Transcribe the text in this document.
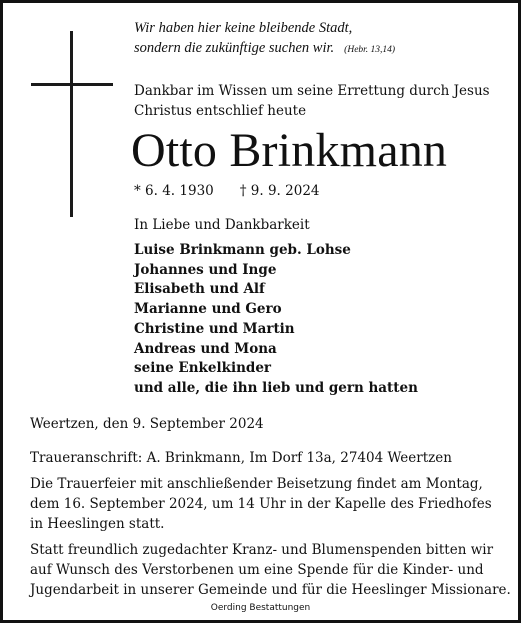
Wir haben hier keine bleibende Stadt,
sondern die zukünftige suchen wir. (Hebr. 13,14)
Dankbar im Wissen um seine Errettung durch Jesus
Christus entschlief heute
Otto Brinkmann
* 6. 4. 1930 † 9. 9. 2024
In Liebe und Dankbarkeit
Luise Brinkmann geb. Lohse
Johannes und Inge
Elisabeth und Alf
Marianne und Gero
Christine und Martin
Andreas und Mona
seine Enkelkinder
und alle, die ihn lieb und gern hatten
Weertzen, den 9. September 2024
Traueranschrift: A. Brinkmann, Im Dorf 13a, 27404 Weertzen
Die Trauerfeier mit anschließender Beisetzung findet am Montag,
dem 16. September 2024, um 14 Uhr in der Kapelle des Friedhofes
in Heeslingen statt.
Statt freundlich zugedachter Kranz- und Blumenspenden bitten wir
auf Wunsch des Verstorbenen um eine Spende für die Kinder- und
Jugendarbeit in unserer Gemeinde und für die Heeslinger Missionare.
Oerding Bestattungen
